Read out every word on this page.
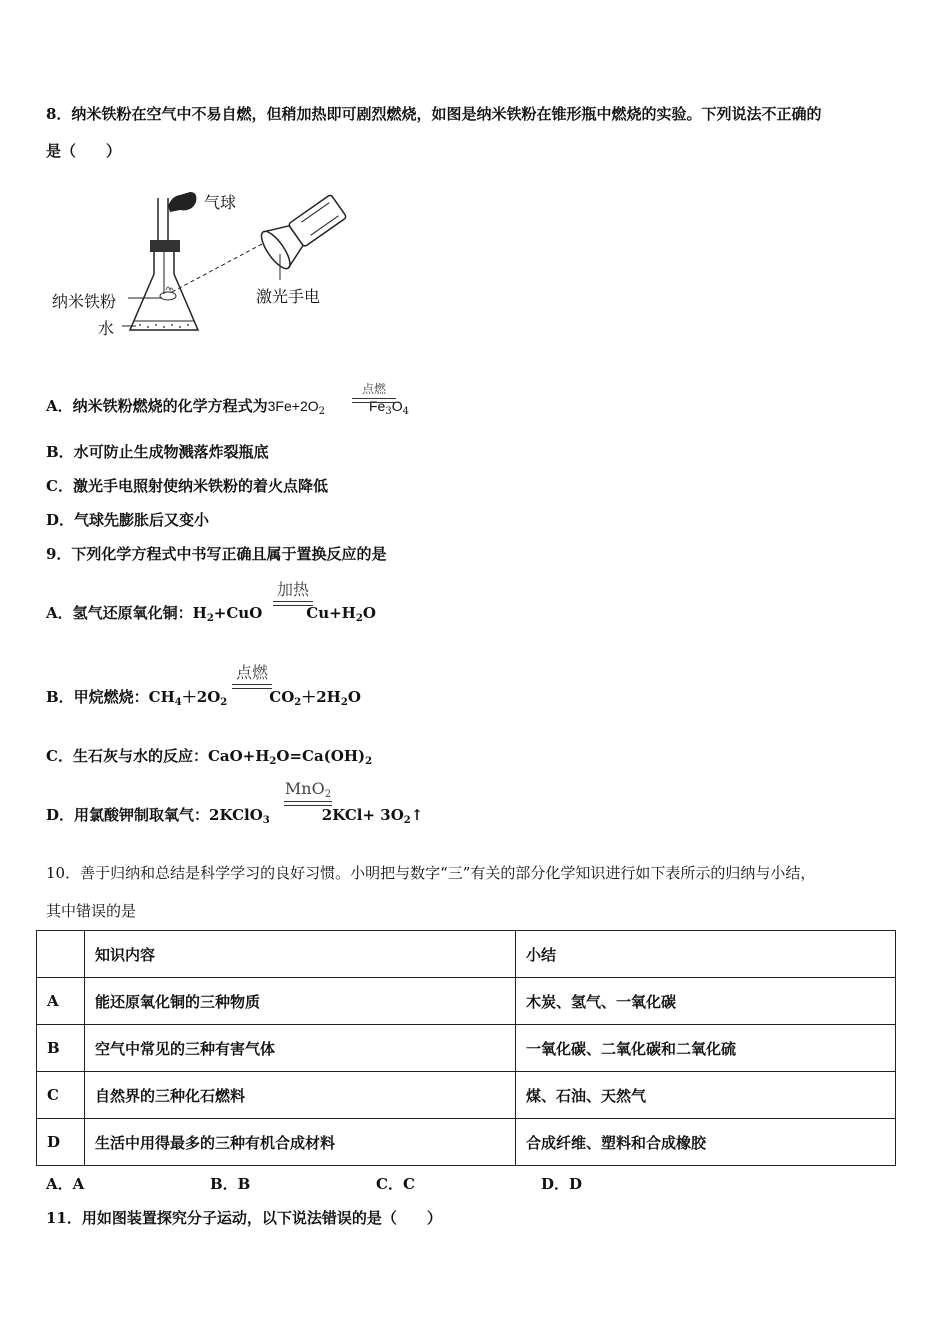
8．纳米铁粉在空气中不易自燃，但稍加热即可剧烈燃烧，如图是纳米铁粉在锥形瓶中燃烧的实验。下列说法不正确的
是（　　）
气球
激光手电
纳米铁粉
水
A．纳米铁粉燃烧的化学方程式为$3Fe+2O_2$	$Fe_3O_4$
点燃
B．水可防止生成物溅落炸裂瓶底
C．激光手电照射使纳米铁粉的着火点降低
D．气球先膨胀后又变小
9．下列化学方程式中书写正确且属于置换反应的是
A．氢气还原氧化铜：$H_2+CuO$	$Cu+H_2O$
加热
B．甲烷燃烧：$CH_4+2O_2$	$CO_2+2H_2O$
点燃
C．生石灰与水的反应：$CaO+H_2O=Ca(OH)_2$
D．用氯酸钾制取氧气：2KClO$_3$	$2KCl+ 3O_2↑$
MnO2
10．善于归纳和总结是科学学习的良好习惯。小明把与数字“三”有关的部分化学知识进行如下表所示的归纳与小结，
其中错误的是
	知识内容	小结
A	能还原氧化铜的三种物质	木炭、氢气、一氧化碳
B	空气中常见的三种有害气体	一氧化碳、二氧化碳和二氧化硫
C	自然界的三种化石燃料	煤、石油、天然气
D	生活中用得最多的三种有机合成材料	合成纤维、塑料和合成橡胶
A．A	B．B	C．C	D．D
11．用如图装置探究分子运动，以下说法错误的是（　　）
